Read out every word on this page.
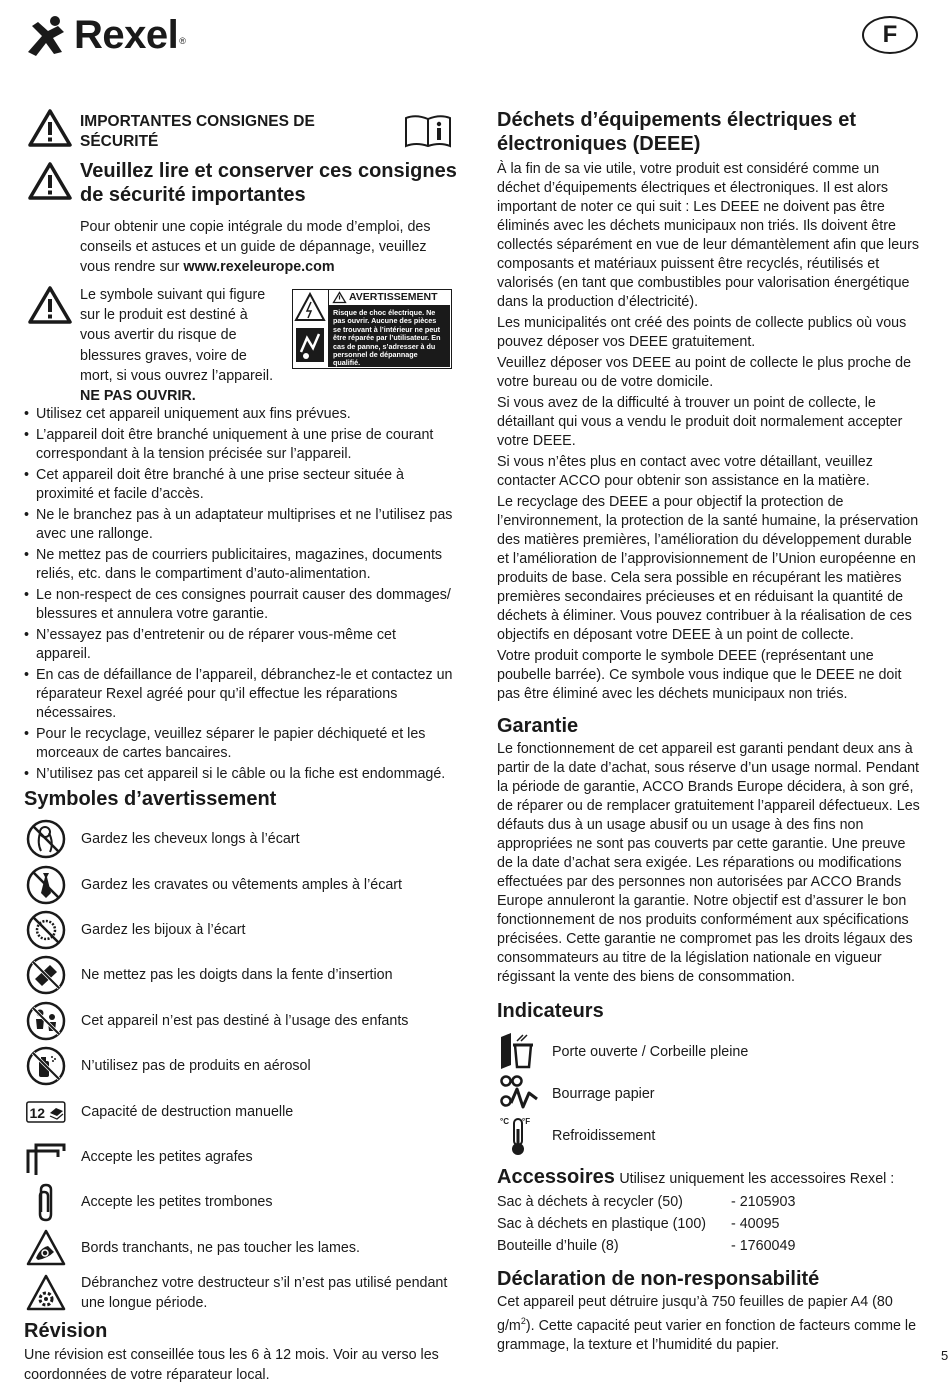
Rexel ®	F
IMPORTANTES CONSIGNES DE SÉCURITÉ
Veuillez lire et conserver ces consignes de sécurité importantes
Pour obtenir une copie intégrale du mode d’emploi, des conseils et astuces et un guide de dépannage, veuillez vous rendre sur www.rexeleurope.com
Le symbole suivant qui figure sur le produit est destiné à vous avertir du risque de blessures graves, voire de mort, si vous ouvrez l’appareil.
NE PAS OUVRIR.
AVERTISSEMENT
Risque de choc électrique. Ne pas ouvrir. Aucune des pièces se trouvant à l’intérieur ne peut être réparée par l’utilisateur. En cas de panne, s’adresser à du personnel de dépannage qualifié.
• Utilisez cet appareil uniquement aux fins prévues.
• L’appareil doit être branché uniquement à une prise de courant correspondant à la tension précisée sur l’appareil.
• Cet appareil doit être branché à une prise secteur située à proximité et facile d’accès.
• Ne le branchez pas à un adaptateur multiprises et ne l’utilisez pas avec une rallonge.
• Ne mettez pas de courriers publicitaires, magazines, documents reliés, etc. dans le compartiment d’auto-alimentation.
• Le non-respect de ces consignes pourrait causer des dommages/ blessures et annulera votre garantie.
• N’essayez pas d’entretenir ou de réparer vous-même cet appareil.
• En cas de défaillance de l’appareil, débranchez-le et contactez un réparateur Rexel agréé pour qu’il effectue les réparations nécessaires.
• Pour le recyclage, veuillez séparer le papier déchiqueté et les morceaux de cartes bancaires.
• N’utilisez pas cet appareil si le câble ou la fiche est endommagé.
Symboles d’avertissement
Gardez les cheveux longs à l’écart
Gardez les cravates ou vêtements amples à l’écart
Gardez les bijoux à l’écart
Ne mettez pas les doigts dans la fente d’insertion
Cet appareil n’est pas destiné à l’usage des enfants
N’utilisez pas de produits en aérosol
12	Capacité de destruction manuelle
Accepte les petites agrafes
Accepte les petites trombones
Bords tranchants, ne pas toucher les lames.
Débranchez votre destructeur s’il n’est pas utilisé pendant une longue période.
Révision
Une révision est conseillée tous les 6 à 12 mois. Voir au verso les coordonnées de votre réparateur local.
Déchets d’équipements électriques et électroniques (DEEE)

À la fin de sa vie utile, votre produit est considéré comme un déchet d’équipements électriques et électroniques. Il est alors important de noter ce qui suit : Les DEEE ne doivent pas être éliminés avec les déchets municipaux non triés. Ils doivent être collectés séparément en vue de leur démantèlement afin que leurs composants et matériaux puissent être recyclés, réutilisés et valorisés (en tant que combustibles pour valorisation énergétique dans la production d’électricité).

Les municipalités ont créé des points de collecte publics où vous pouvez déposer vos DEEE gratuitement.

Veuillez déposer vos DEEE au point de collecte le plus proche de votre bureau ou de votre domicile.

Si vous avez de la difficulté à trouver un point de collecte, le détaillant qui vous a vendu le produit doit normalement accepter votre DEEE.

Si vous n’êtes plus en contact avec votre détaillant, veuillez contacter ACCO pour obtenir son assistance en la matière.

Le recyclage des DEEE a pour objectif la protection de l’environnement, la protection de la santé humaine, la préservation des matières premières, l’amélioration du développement durable et l’amélioration de l’approvisionnement de l’Union européenne en produits de base. Cela sera possible en récupérant les matières premières secondaires précieuses et en réduisant la quantité de déchets à éliminer. Vous pouvez contribuer à la réalisation de ces objectifs en déposant votre DEEE à un point de collecte.

Votre produit comporte le symbole DEEE (représentant une poubelle barrée). Ce symbole vous indique que le DEEE ne doit pas être éliminé avec les déchets municipaux non triés.

Garantie

Le fonctionnement de cet appareil est garanti pendant deux ans à partir de la date d’achat, sous réserve d’un usage normal. Pendant la période de garantie, ACCO Brands Europe décidera, à son gré, de réparer ou de remplacer gratuitement l’appareil défectueux. Les défauts dus à un usage abusif ou un usage à des fins non appropriées ne sont pas couverts par cette garantie. Une preuve de la date d’achat sera exigée. Les réparations ou modifications effectuées par des personnes non autorisées par ACCO Brands Europe annuleront la garantie. Notre objectif est d’assurer le bon fonctionnement de nos produits conformément aux spécifications précisées. Cette garantie ne compromet pas les droits légaux des consommateurs au titre de la législation nationale en vigueur régissant la vente des biens de consommation.

Indicateurs
Porte ouverte / Corbeille pleine
Bourrage papier
°C °F
Refroidissement
Accessoires Utilisez uniquement les accessoires Rexel :
Sac à déchets à recycler (50)	- 2105903
Sac à déchets en plastique (100)	- 40095
Bouteille d’huile (8)	- 1760049
Déclaration de non-responsabilité

Cet appareil peut détruire jusqu’à 750 feuilles de papier A4 (80 $g/m^2$). Cette capacité peut varier en fonction de facteurs comme le grammage, la texture et l’humidité du papier.

5
